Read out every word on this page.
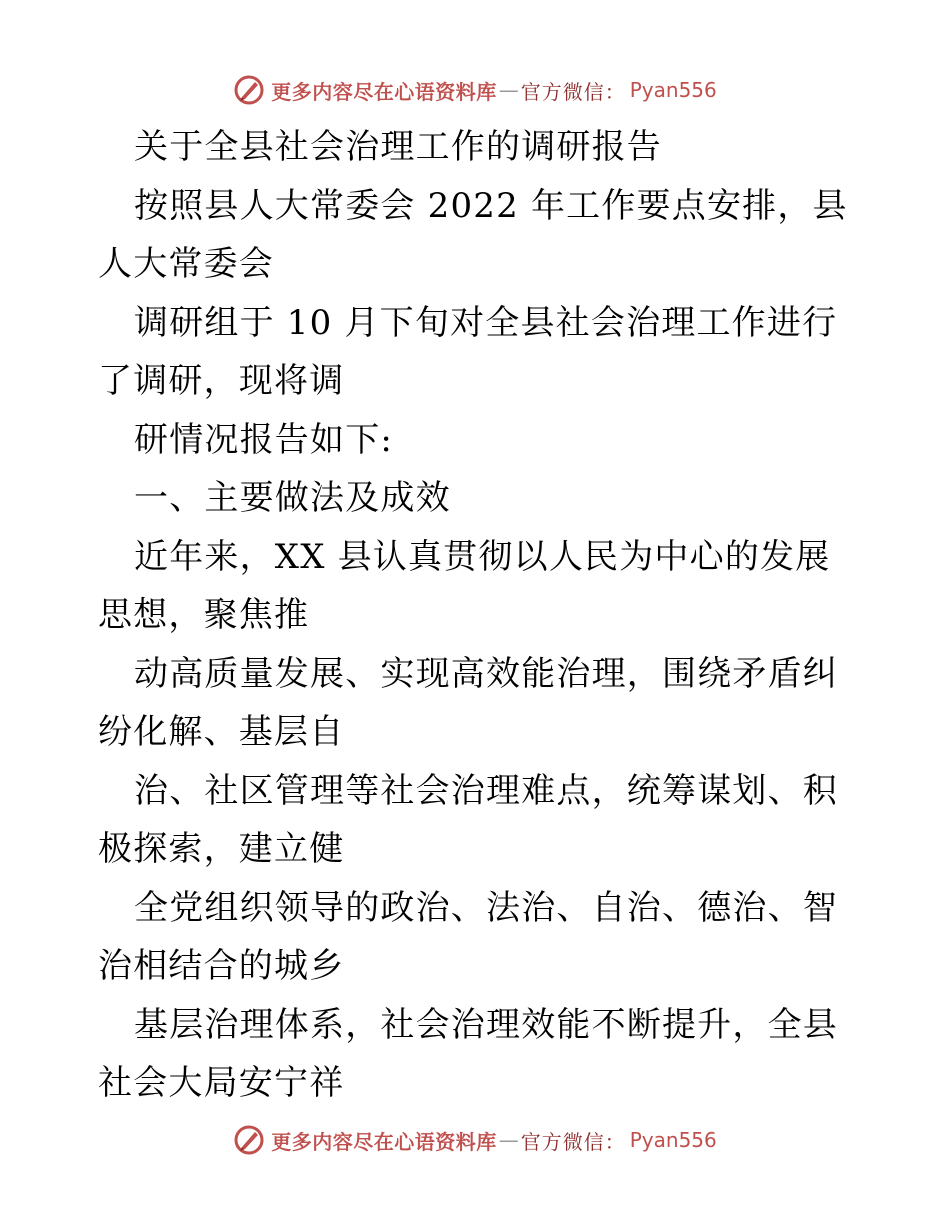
更多内容尽在心语资料库 — 官方微信： Pyan556

关于全县社会治理工作的调研报告

按照县人大常委会 2022 年工作要点安排，县人大常委会

调研组于 10 月下旬对全县社会治理工作进行了调研，现将调

研情况报告如下:

一、主要做法及成效

近年来，XX 县认真贯彻以人民为中心的发展思想，聚焦推

动高质量发展、实现高效能治理，围绕矛盾纠纷化解、基层自

治、社区管理等社会治理难点，统筹谋划、积极探索，建立健

全党组织领导的政治、法治、自治、德治、智治相结合的城乡

基层治理体系，社会治理效能不断提升，全县社会大局安宁祥

更多内容尽在心语资料库 — 官方微信： Pyan556
